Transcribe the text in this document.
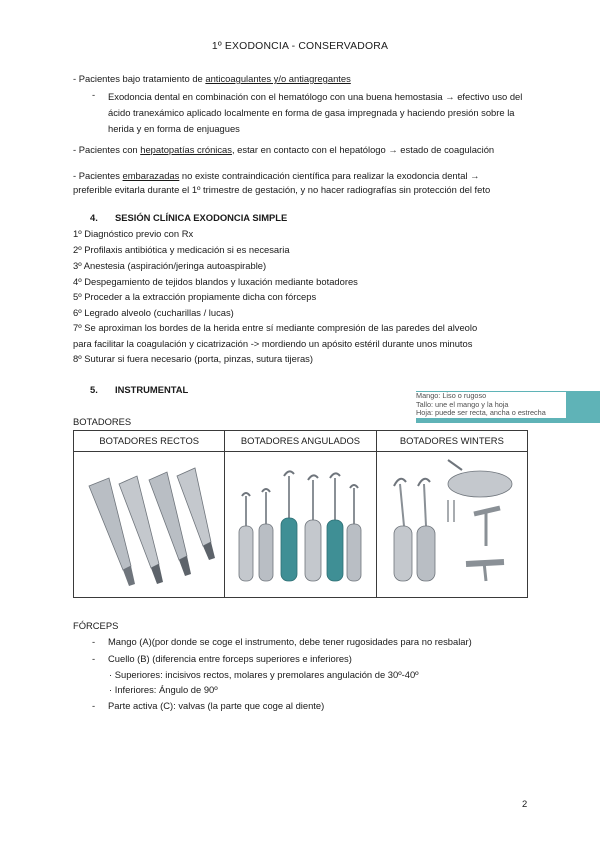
1º EXODONCIA - CONSERVADORA
- Pacientes bajo tratamiento de anticoagulantes y/o antiagregantes
- Exodoncia dental en combinación con el hematólogo con una buena hemostasia → efectivo uso del ácido tranexámico aplicado localmente en forma de gasa impregnada y haciendo presión sobre la herida y en forma de enjuagues
- Pacientes con hepatopatías crónicas, estar en contacto con el hepatólogo → estado de coagulación
- Pacientes embarazadas no existe contraindicación científica para realizar la exodoncia dental →
preferible evitarla durante el 1º trimestre de gestación, y no hacer radiografías sin protección del feto
4. SESIÓN CLÍNICA EXODONCIA SIMPLE
1º Diagnóstico previo con Rx
2º Profilaxis antibiótica y medicación si es necesaria
3º Anestesia (aspiración/jeringa autoaspirable)
4º Despegamiento de tejidos blandos y luxación mediante botadores
5º Proceder a la extracción propiamente dicha con fórceps
6º Legrado alveolo (cucharillas / lucas)
7º Se aproximan los bordes de la herida entre sí mediante compresión de las paredes del alveolo
para facilitar la coagulación y cicatrización -> mordiendo un apósito estéril durante unos minutos
8º Suturar si fuera necesario (porta, pinzas, sutura tijeras)
5. INSTRUMENTAL
Mango: Liso o rugoso
Tallo: une el mango y la hoja
Hoja: puede ser recta, ancha o estrecha
BOTADORES
BOTADORES RECTOS	BOTADORES ANGULADOS	BOTADORES WINTERS

FÓRCEPS
- Mango (A)(por donde se coge el instrumento, debe tener rugosidades para no resbalar)
- Cuello (B) (diferencia entre forceps superiores e inferiores)
· Superiores: incisivos rectos, molares y premolares angulación de 30º-40º
· Inferiores: Ángulo de 90º
- Parte activa (C): valvas (la parte que coge al diente)
2
